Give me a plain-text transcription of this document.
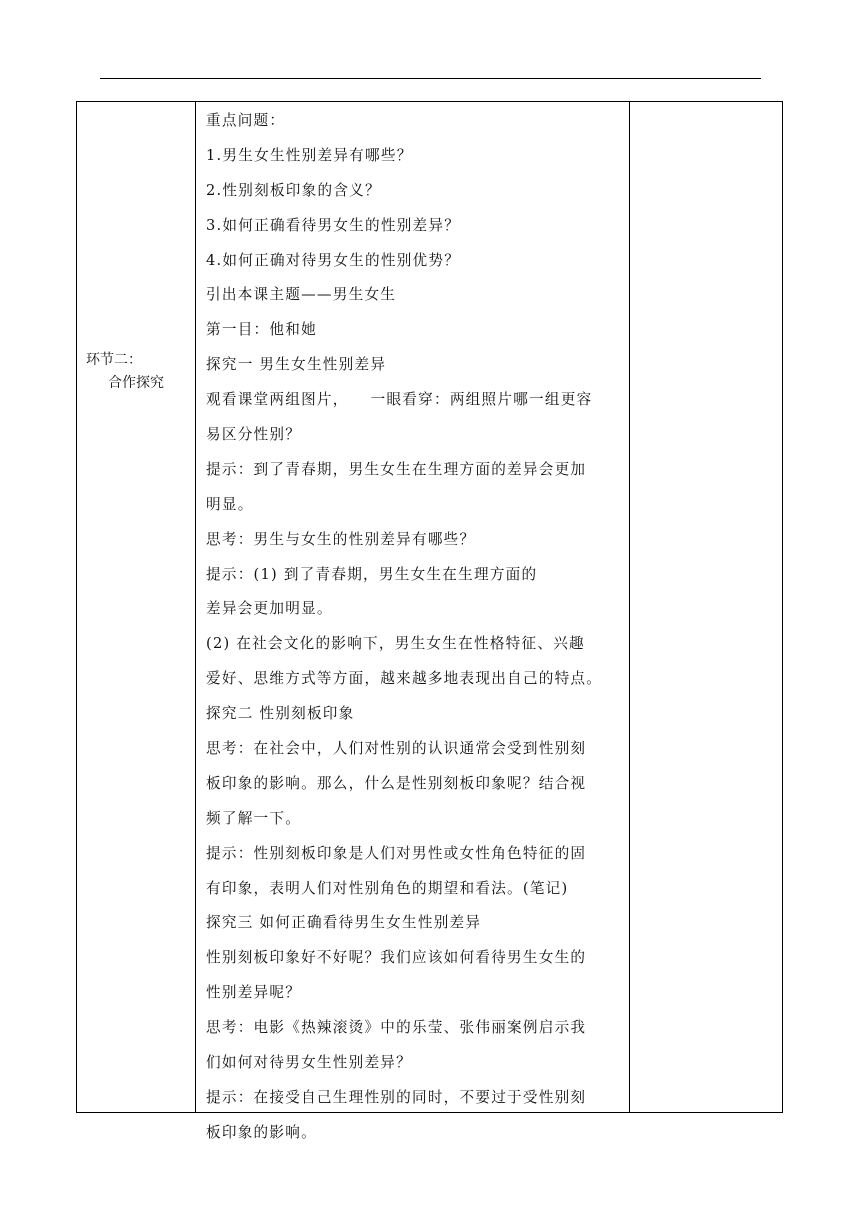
环节二：
合作探究
重点问题：
1.男生女生性别差异有哪些？
2.性别刻板印象的含义？
3.如何正确看待男女生的性别差异？
4.如何正确对待男女生的性别优势？
引出本课主题——男生女生
第一目：他和她
探究一 男生女生性别差异
观看课堂两组图片， 一眼看穿：两组照片哪一组更容
易区分性别？
提示：到了青春期，男生女生在生理方面的差异会更加
明显。
思考：男生与女生的性别差异有哪些？
提示：(1) 到了青春期，男生女生在生理方面的
差异会更加明显。
(2) 在社会文化的影响下，男生女生在性格特征、兴趣
爱好、思维方式等方面，越来越多地表现出自己的特点。
探究二 性别刻板印象
思考：在社会中，人们对性别的认识通常会受到性别刻
板印象的影响。那么，什么是性别刻板印象呢？结合视
频了解一下。
提示：性别刻板印象是人们对男性或女性角色特征的固
有印象，表明人们对性别角色的期望和看法。(笔记)
探究三 如何正确看待男生女生性别差异
性别刻板印象好不好呢？我们应该如何看待男生女生的
性别差异呢？
思考：电影《热辣滚烫》中的乐莹、张伟丽案例启示我
们如何对待男女生性别差异？
提示：在接受自己生理性别的同时，不要过于受性别刻
板印象的影响。
